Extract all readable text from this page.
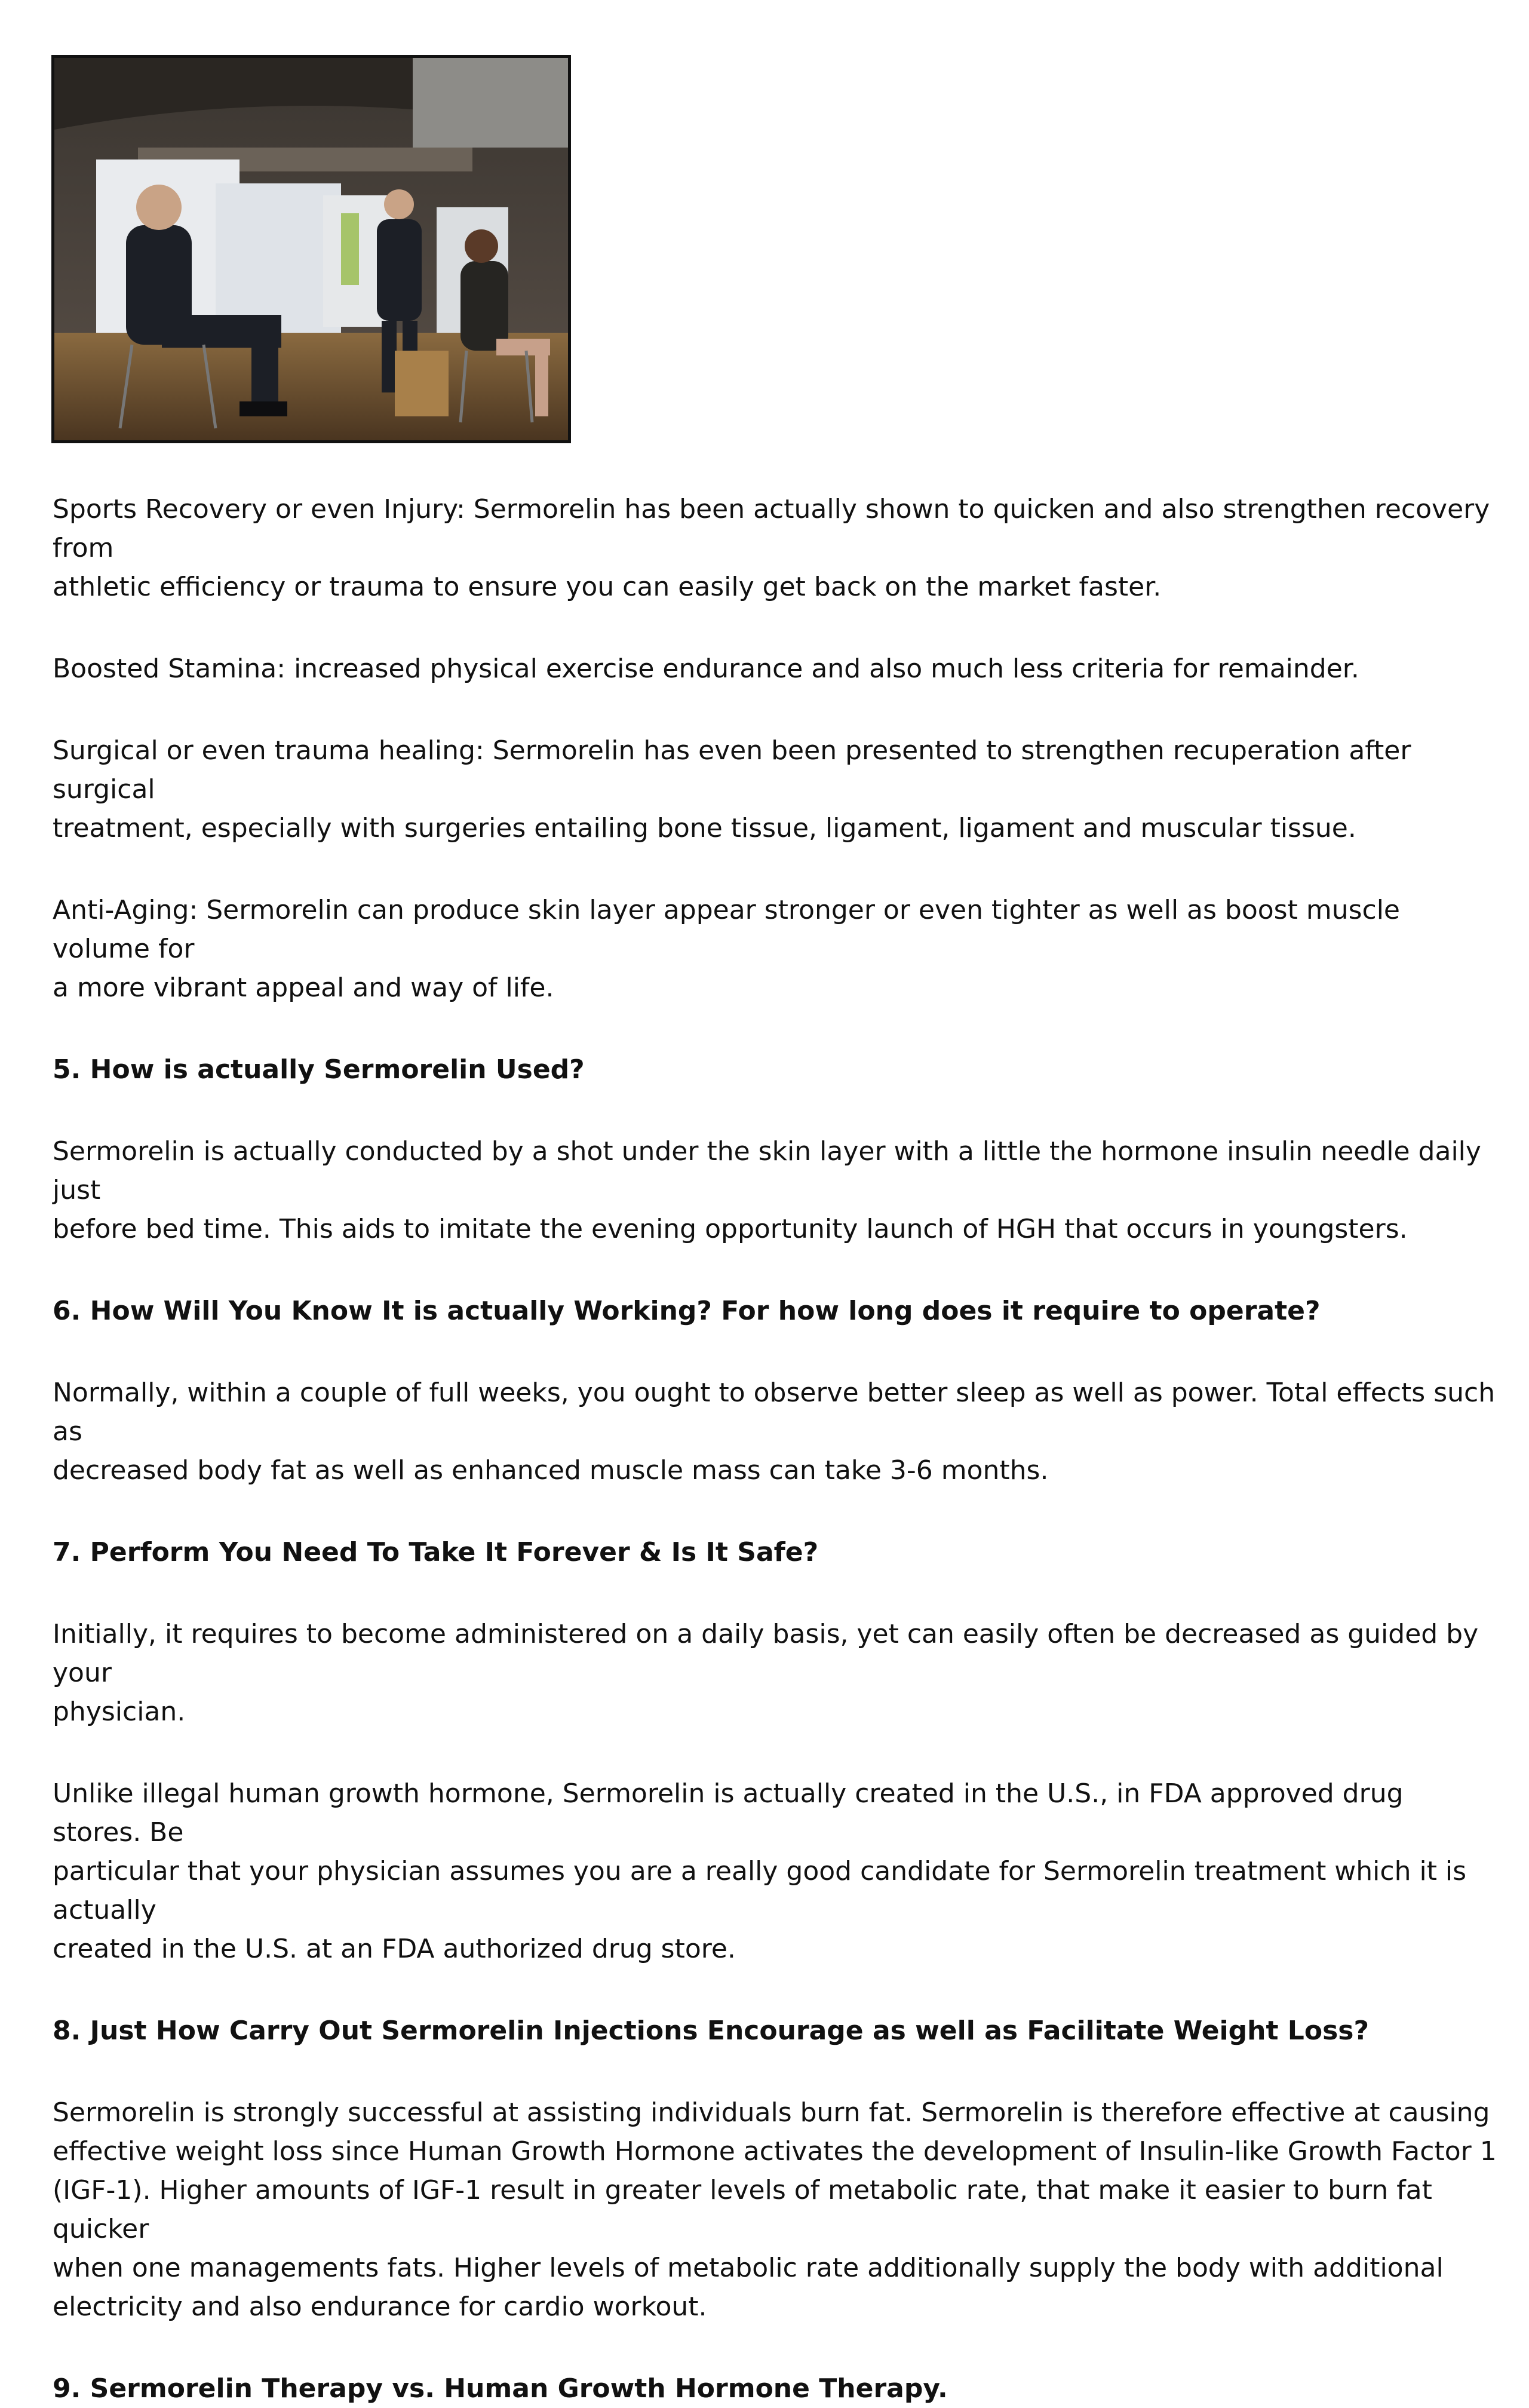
Sports Recovery or even Injury: Sermorelin has been actually shown to quicken and also strengthen recovery from
athletic efficiency or trauma to ensure you can easily get back on the market faster.

Boosted Stamina: increased physical exercise endurance and also much less criteria for remainder.

Surgical or even trauma healing: Sermorelin has even been presented to strengthen recuperation after surgical
treatment, especially with surgeries entailing bone tissue, ligament, ligament and muscular tissue.

Anti-Aging: Sermorelin can produce skin layer appear stronger or even tighter as well as boost muscle volume for
a more vibrant appeal and way of life.

5. How is actually Sermorelin Used?

Sermorelin is actually conducted by a shot under the skin layer with a little the hormone insulin needle daily just
before bed time. This aids to imitate the evening opportunity launch of HGH that occurs in youngsters.

6. How Will You Know It is actually Working? For how long does it require to operate?

Normally, within a couple of full weeks, you ought to observe better sleep as well as power. Total effects such as
decreased body fat as well as enhanced muscle mass can take 3-6 months.

7. Perform You Need To Take It Forever & Is It Safe?

Initially, it requires to become administered on a daily basis, yet can easily often be decreased as guided by your
physician.

Unlike illegal human growth hormone, Sermorelin is actually created in the U.S., in FDA approved drug stores. Be
particular that your physician assumes you are a really good candidate for Sermorelin treatment which it is actually
created in the U.S. at an FDA authorized drug store.

8. Just How Carry Out Sermorelin Injections Encourage as well as Facilitate Weight Loss?

Sermorelin is strongly successful at assisting individuals burn fat. Sermorelin is therefore effective at causing
effective weight loss since Human Growth Hormone activates the development of Insulin-like Growth Factor 1
(IGF-1). Higher amounts of IGF-1 result in greater levels of metabolic rate, that make it easier to burn fat quicker
when one managements fats. Higher levels of metabolic rate additionally supply the body with additional
electricity and also endurance for cardio workout.

9. Sermorelin Therapy vs. Human Growth Hormone Therapy.
